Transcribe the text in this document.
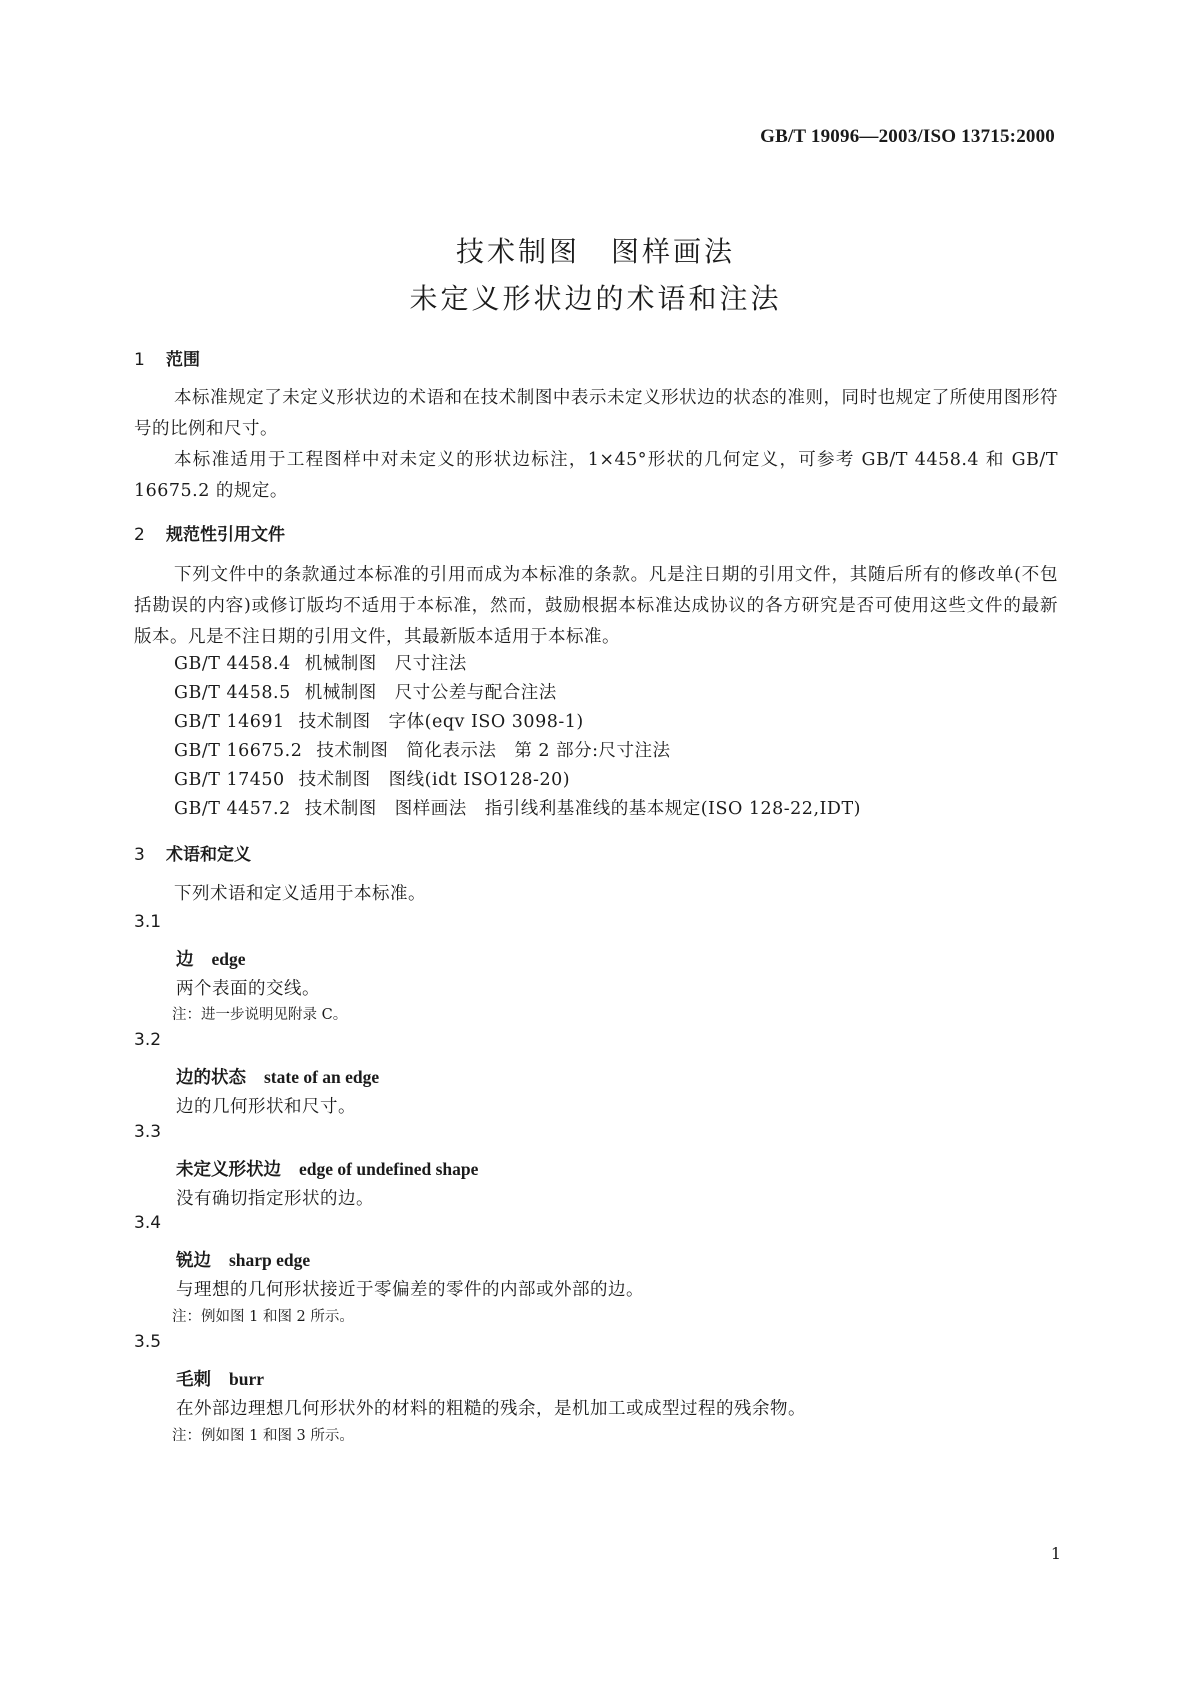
GB/T 19096—2003/ISO 13715:2000
技术制图　图样画法
未定义形状边的术语和注法
1 范围
本标准规定了未定义形状边的术语和在技术制图中表示未定义形状边的状态的准则，同时也规定了所使用图形符号的比例和尺寸。
本标准适用于工程图样中对未定义的形状边标注，1×45°形状的几何定义，可参考 GB/T 4458.4 和 GB/T 16675.2 的规定。
2 规范性引用文件
下列文件中的条款通过本标准的引用而成为本标准的条款。凡是注日期的引用文件，其随后所有的修改单(不包括勘误的内容)或修订版均不适用于本标准，然而，鼓励根据本标准达成协议的各方研究是否可使用这些文件的最新版本。凡是不注日期的引用文件，其最新版本适用于本标准。
GB/T 4458.4 机械制图　尺寸注法
GB/T 4458.5 机械制图　尺寸公差与配合注法
GB/T 14691 技术制图　字体(eqv ISO 3098-1)
GB/T 16675.2 技术制图　简化表示法　第 2 部分:尺寸注法
GB/T 17450 技术制图　图线(idt ISO128-20)
GB/T 4457.2 技术制图　图样画法　指引线利基准线的基本规定(ISO 128-22,IDT)
3 术语和定义
下列术语和定义适用于本标准。
3.1
边 edge
两个表面的交线。
注：进一步说明见附录 C。
3.2
边的状态 state of an edge
边的几何形状和尺寸。
3.3
未定义形状边 edge of undefined shape
没有确切指定形状的边。
3.4
锐边 sharp edge
与理想的几何形状接近于零偏差的零件的内部或外部的边。
注：例如图 1 和图 2 所示。
3.5
毛刺 burr
在外部边理想几何形状外的材料的粗糙的残余，是机加工或成型过程的残余物。
注：例如图 1 和图 3 所示。
1
